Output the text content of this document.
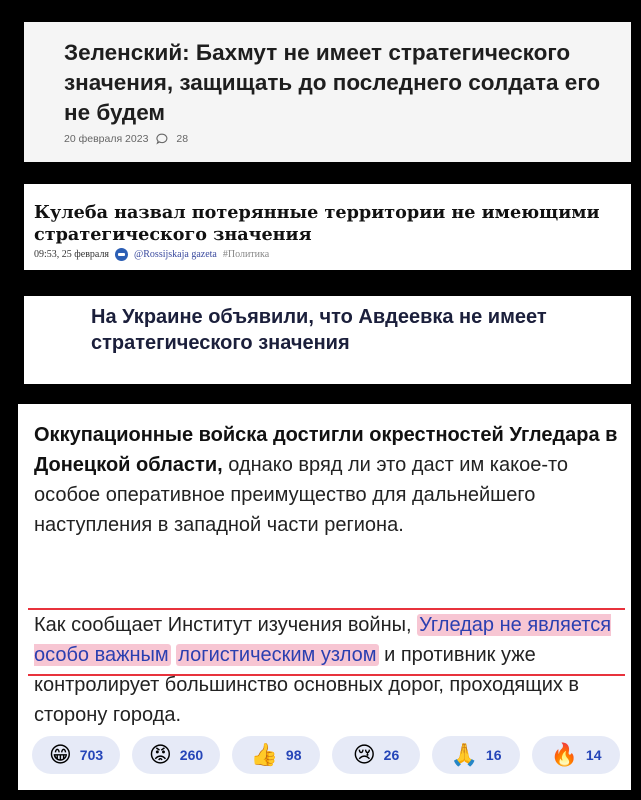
Зеленский: Бахмут не имеет стратегического значения, защищать до последнего солдата его не будем
20 февраля 2023	28
Кулеба назвал потерянные территории не имеющими стратегического значения
09:53, 25 февраля	@Rossijskaja gazeta #Политика
На Украине объявили, что Авдеевка не имеет стратегического значения
Оккупационные войска достигли окрестностей Угледара в Донецкой области, однако вряд ли это даст им какое-то особое оперативное преимущество для дальнейшего наступления в западной части региона.
Как сообщает Институт изучения войны, Угледар не является особо важным логистическим узлом и противник уже контролирует большинство основных дорог, проходящих в сторону города.
😁 703 😡 260 👍 98 😢 26 🙏 16 🔥 14
